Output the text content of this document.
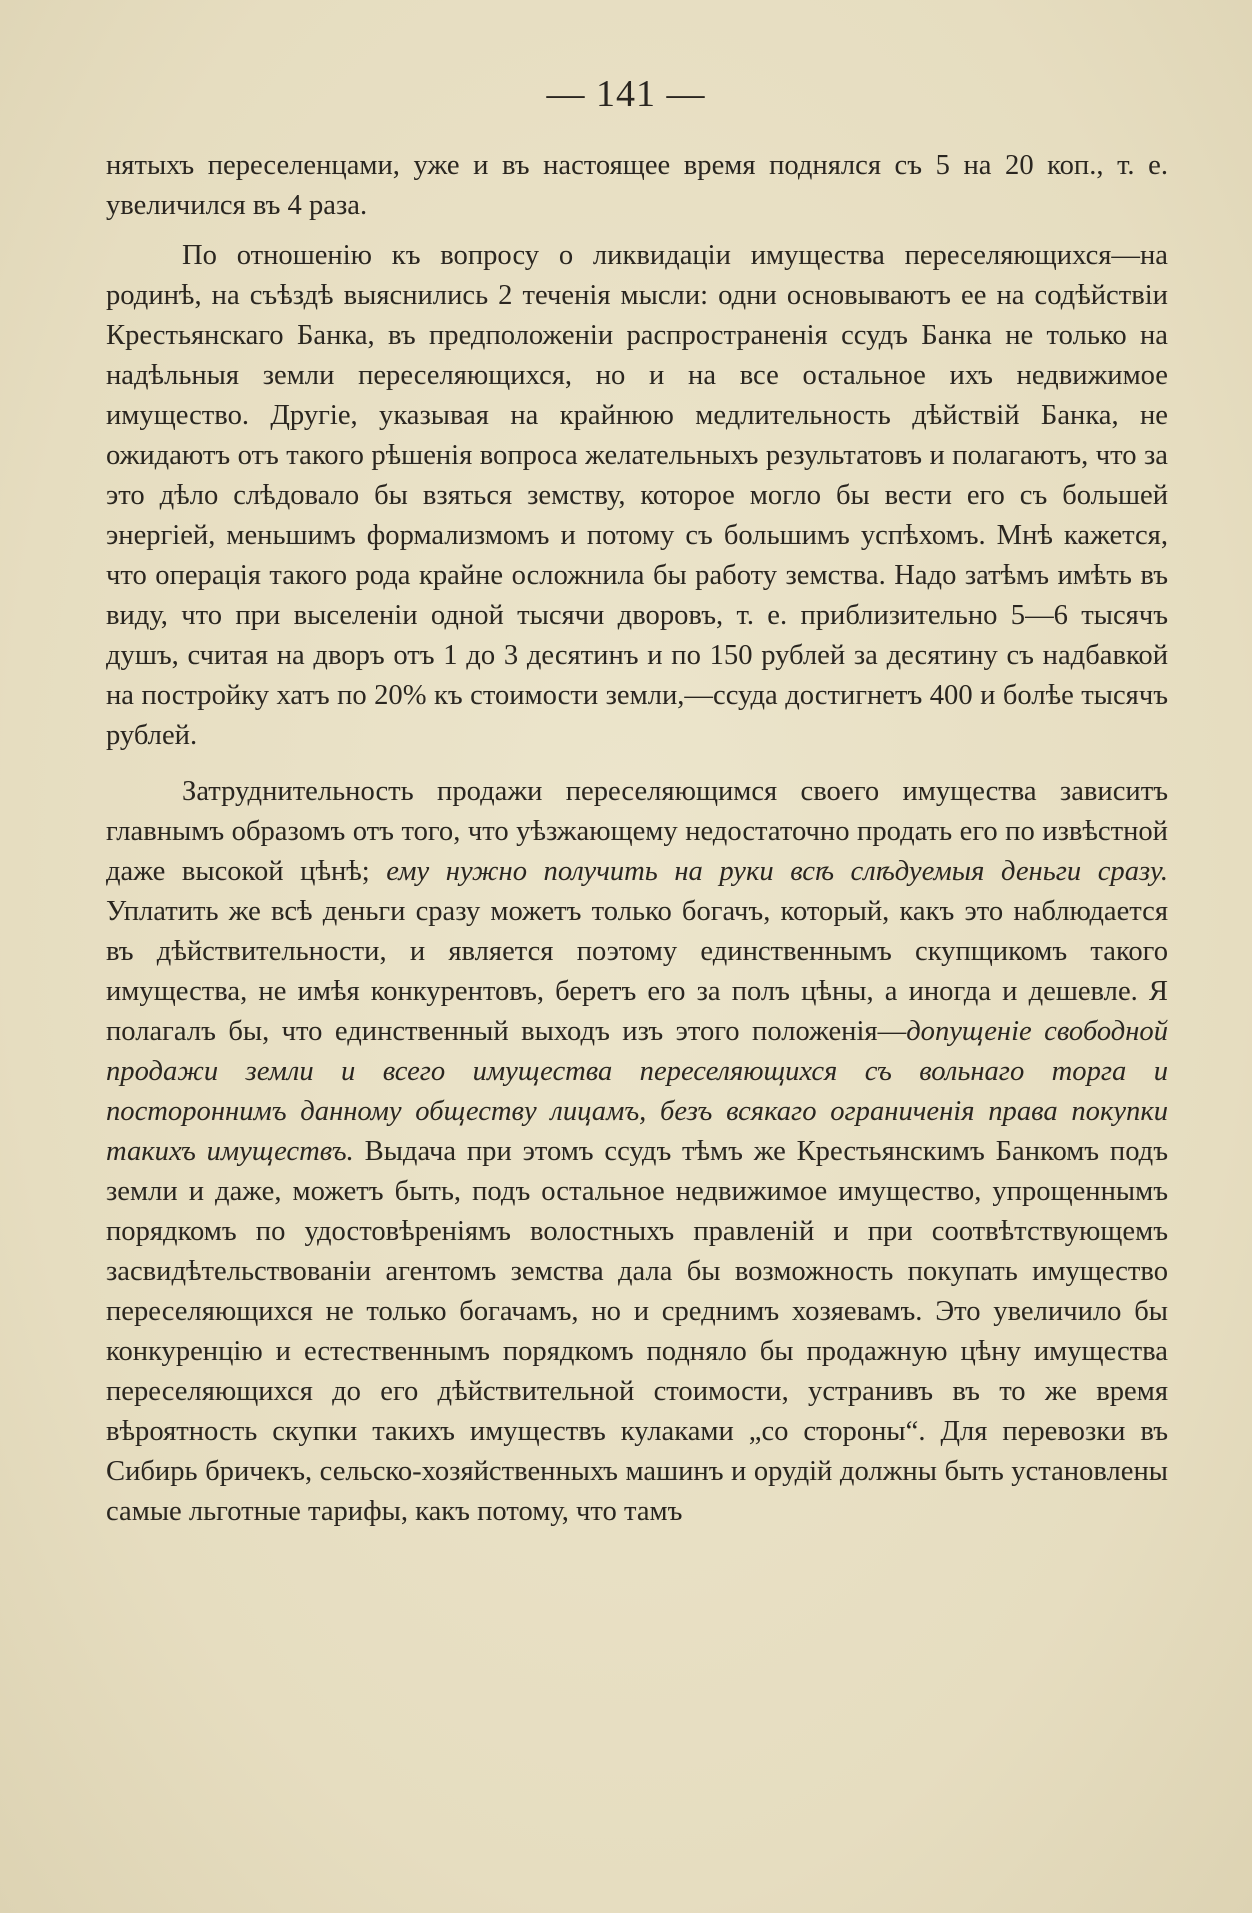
— 141 —

нятыхъ переселенцами, уже и въ настоящее время поднялся съ 5 на 20 коп., т. е. увеличился въ 4 раза.

По отношенію къ вопросу о ликвидаціи имущества переселяющихся—на родинѣ, на съѣздѣ выяснились 2 теченія мысли: одни основываютъ ее на содѣйствіи Крестьянскаго Банка, въ предположеніи распространенія ссудъ Банка не только на надѣльныя земли переселяющихся, но и на все остальное ихъ недвижимое имущество. Другіе, указывая на крайнюю медлительность дѣйствій Банка, не ожидаютъ отъ такого рѣшенія вопроса желательныхъ результатовъ и полагаютъ, что за это дѣло слѣдовало бы взяться земству, которое могло бы вести его съ большей энергіей, меньшимъ формализмомъ и потому съ большимъ успѣхомъ. Мнѣ кажется, что операція такого рода крайне осложнила бы работу земства. Надо затѣмъ имѣть въ виду, что при выселеніи одной тысячи дворовъ, т. е. приблизительно 5—6 тысячъ душъ, считая на дворъ отъ 1 до 3 десятинъ и по 150 рублей за десятину съ надбавкой на постройку хатъ по 20% къ стоимости земли,—ссуда достигнетъ 400 и болѣе тысячъ рублей.

Затруднительность продажи переселяющимся своего имущества зависитъ главнымъ образомъ отъ того, что уѣзжающему недостаточно продать его по извѣстной даже высокой цѣнѣ; ему нужно получить на руки всѣ слѣдуемыя деньги сразу. Уплатить же всѣ деньги сразу можетъ только богачъ, который, какъ это наблюдается въ дѣйствительности, и является поэтому единственнымъ скупщикомъ такого имущества, не имѣя конкурентовъ, беретъ его за полъ цѣны, а иногда и дешевле. Я полагалъ бы, что единственный выходъ изъ этого положенія—допущеніе свободной продажи земли и всего имущества переселяющихся съ вольнаго торга и постороннимъ данному обществу лицамъ, безъ всякаго ограниченія права покупки такихъ имуществъ. Выдача при этомъ ссудъ тѣмъ же Крестьянскимъ Банкомъ подъ земли и даже, можетъ быть, подъ остальное недвижимое имущество, упрощеннымъ порядкомъ по удостовѣреніямъ волостныхъ правленій и при соотвѣтствующемъ засвидѣтельствованіи агентомъ земства дала бы возможность покупать имущество переселяющихся не только богачамъ, но и среднимъ хозяевамъ. Это увеличило бы конкуренцію и естественнымъ порядкомъ подняло бы продажную цѣну имущества переселяющихся до его дѣйствительной стоимости, устранивъ въ то же время вѣроятность скупки такихъ имуществъ кулаками „со стороны“. Для перевозки въ Сибирь бричекъ, сельско-хозяйственныхъ машинъ и орудій должны быть установлены самые льготные тарифы, какъ потому, что тамъ
